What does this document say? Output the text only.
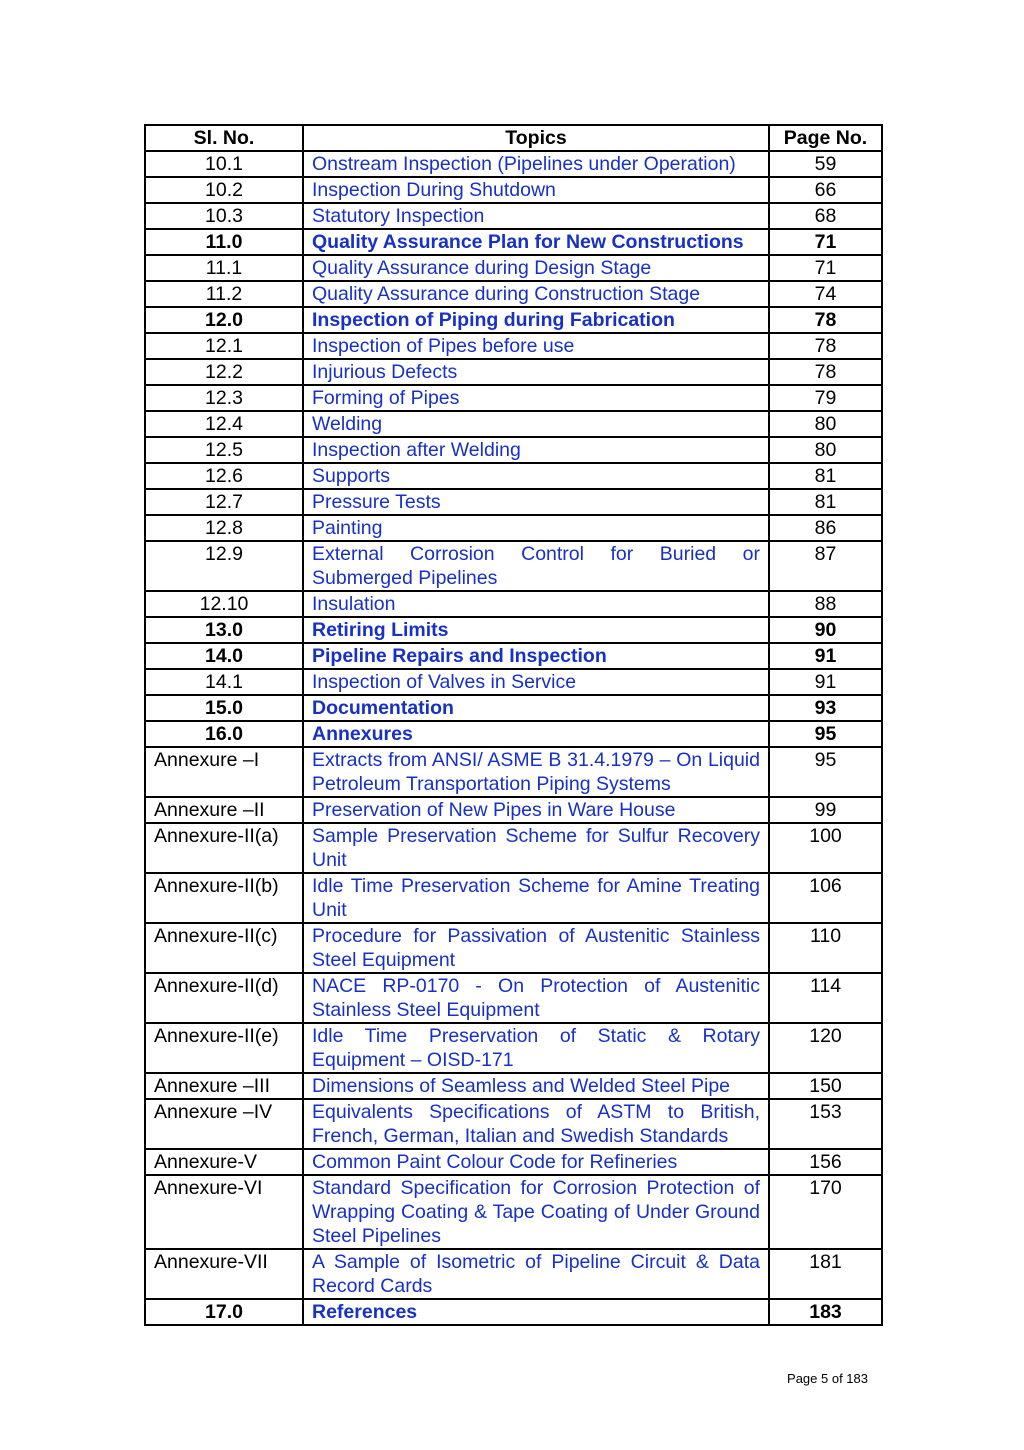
Sl. No.	Topics	Page No.
10.1	Onstream Inspection (Pipelines under Operation)	59
10.2	Inspection During Shutdown	66
10.3	Statutory Inspection	68
11.0	Quality Assurance Plan for New Constructions	71
11.1	Quality Assurance during Design Stage	71
11.2	Quality Assurance during Construction Stage	74
12.0	Inspection of Piping during Fabrication	78
12.1	Inspection of Pipes before use	78
12.2	Injurious Defects	78
12.3	Forming of Pipes	79
12.4	Welding	80
12.5	Inspection after Welding	80
12.6	Supports	81
12.7	Pressure Tests	81
12.8	Painting	86
12.9	External Corrosion Control for Buried or Submerged Pipelines	87
12.10	Insulation	88
13.0	Retiring Limits	90
14.0	Pipeline Repairs and Inspection	91
14.1	Inspection of Valves in Service	91
15.0	Documentation	93
16.0	Annexures	95
Annexure –I	Extracts from ANSI/ ASME B 31.4.1979 – On Liquid Petroleum Transportation Piping Systems	95
Annexure –II	Preservation of New Pipes in Ware House	99
Annexure-II(a)	Sample Preservation Scheme for Sulfur Recovery Unit	100
Annexure-II(b)	Idle Time Preservation Scheme for Amine Treating Unit	106
Annexure-II(c)	Procedure for Passivation of Austenitic Stainless Steel Equipment	110
Annexure-II(d)	NACE RP-0170 - On Protection of Austenitic Stainless Steel Equipment	114
Annexure-II(e)	Idle Time Preservation of Static & Rotary Equipment – OISD-171	120
Annexure –III	Dimensions of Seamless and Welded Steel Pipe	150
Annexure –IV	Equivalents Specifications of ASTM to British, French, German, Italian and Swedish Standards	153
Annexure-V	Common Paint Colour Code for Refineries	156
Annexure-VI	Standard Specification for Corrosion Protection of Wrapping Coating & Tape Coating of Under Ground Steel Pipelines	170
Annexure-VII	A Sample of Isometric of Pipeline Circuit & Data Record Cards	181
17.0	References	183
Page 5 of 183
